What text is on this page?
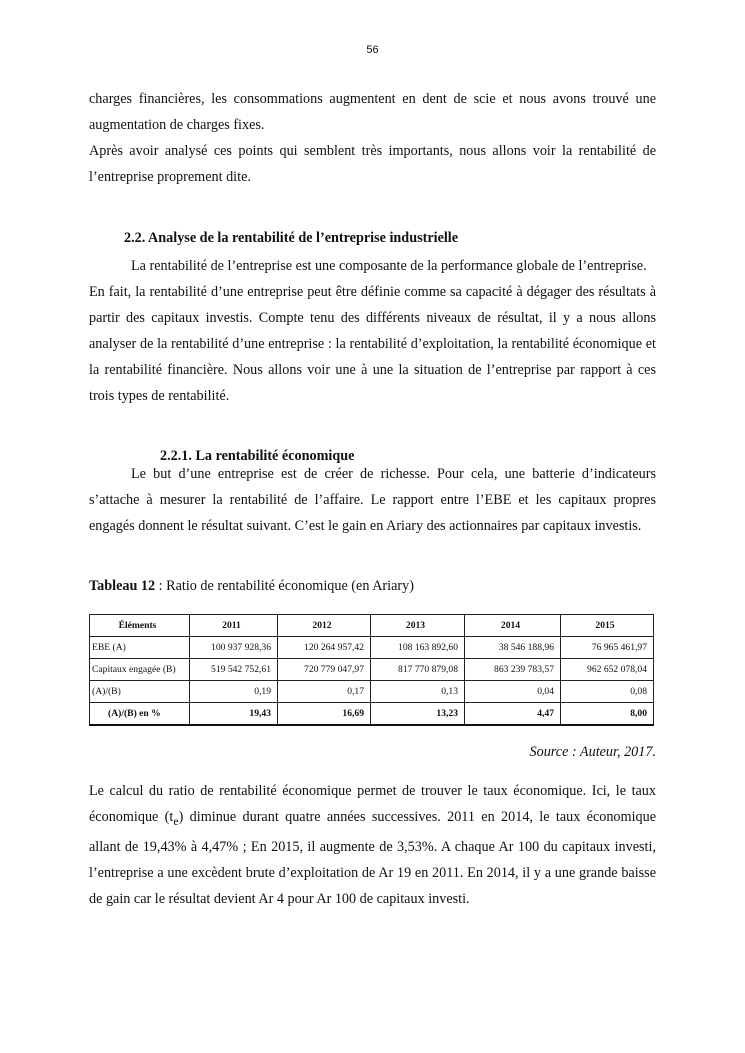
56

charges financières, les consommations augmentent en dent de scie et nous avons trouvé une augmentation de charges fixes.

Après avoir analysé ces points qui semblent très importants, nous allons voir la rentabilité de l’entreprise proprement dite.

2.2. Analyse de la rentabilité de l’entreprise industrielle

La rentabilité de l’entreprise est une composante de la performance globale de l’entreprise.

En fait, la rentabilité d’une entreprise peut être définie comme sa capacité à dégager des résultats à partir des capitaux investis. Compte tenu des différents niveaux de résultat, il y a nous allons analyser de la rentabilité d’une entreprise : la rentabilité d’exploitation, la rentabilité économique et la rentabilité financière. Nous allons voir une à une la situation de l’entreprise par rapport à ces trois types de rentabilité.

2.2.1. La rentabilité économique

Le but d’une entreprise est de créer de richesse. Pour cela, une batterie d’indicateurs s’attache à mesurer la rentabilité de l’affaire. Le rapport entre l’EBE et les capitaux propres engagés donnent le résultat suivant. C’est le gain en Ariary des actionnaires par capitaux investis.

Tableau 12 : Ratio de rentabilité économique (en Ariary)
Éléments	2011	2012	2013	2014	2015
EBE (A)	100 937 928,36	120 264 957,42	108 163 892,60	38 546 188,96	76 965 461,97
Capitaux engagée (B)	519 542 752,61	720 779 047,97	817 770 879,08	863 239 783,57	962 652 078,04
(A)/(B)	0,19	0,17	0,13	0,04	0,08
(A)/(B) en %	19,43	16,69	13,23	4,47	8,00
Source : Auteur, 2017.

Le calcul du ratio de rentabilité économique permet de trouver le taux économique. Ici, le taux économique $(t_e)$ diminue durant quatre années successives. 2011 en 2014, le taux économique allant de 19,43% à 4,47% ; En 2015, il augmente de 3,53%. A chaque Ar 100 du capitaux investi, l’entreprise a une excèdent brute d’exploitation de Ar 19 en 2011. En 2014, il y a une grande baisse de gain car le résultat devient Ar 4 pour Ar 100 de capitaux investi.
